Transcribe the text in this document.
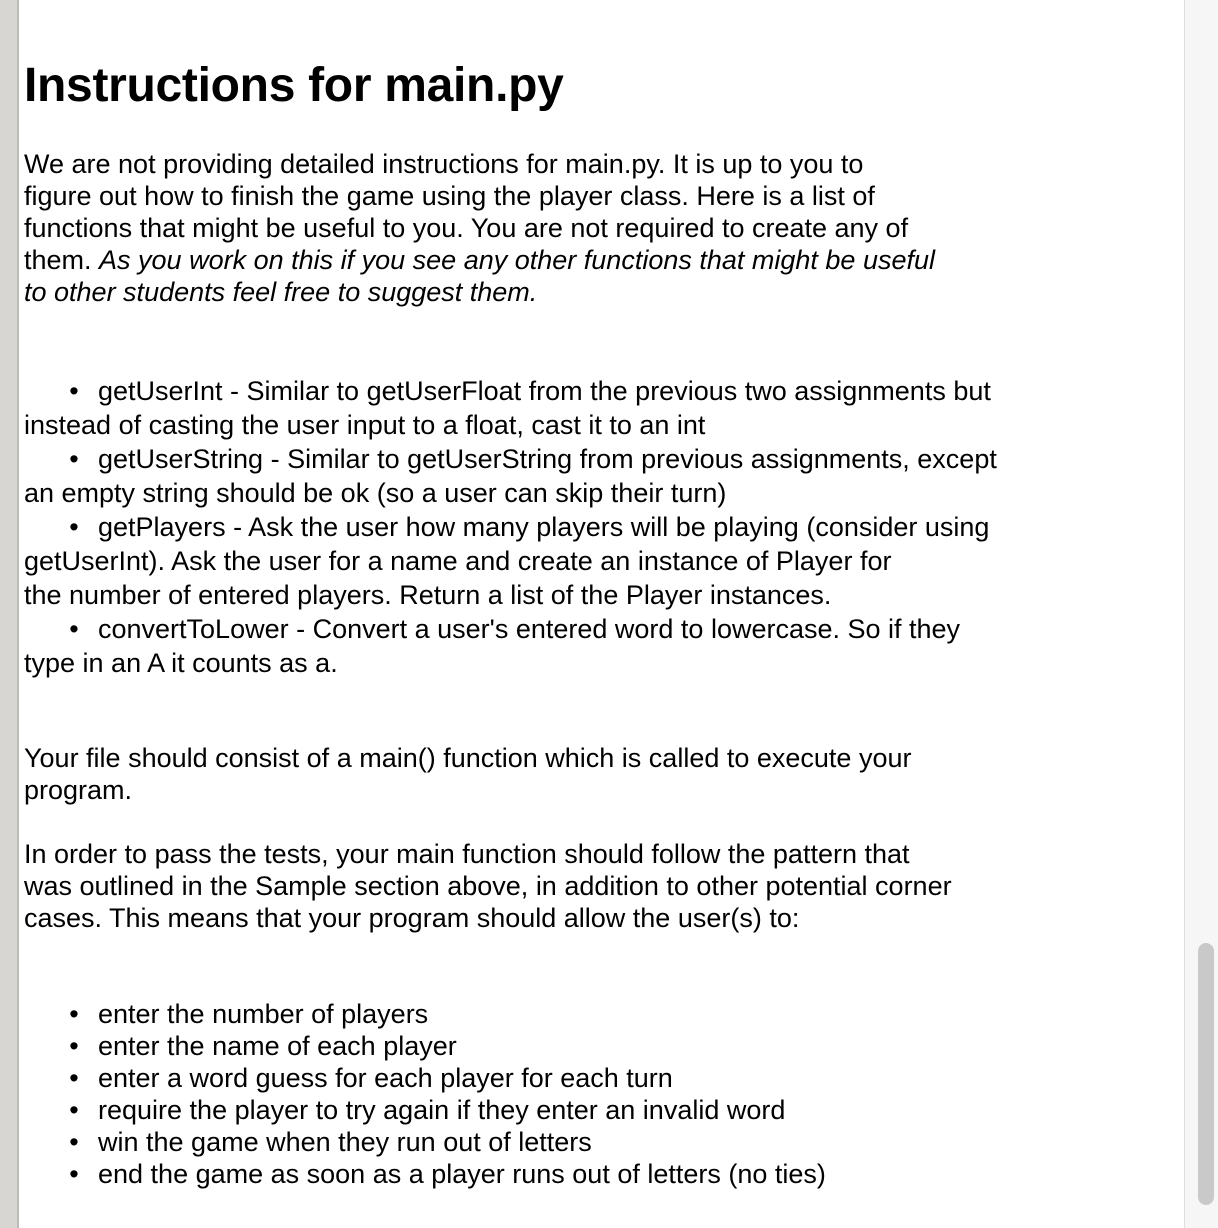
Instructions for main.py

We are not providing detailed instructions for main.py. It is up to you to
figure out how to finish the game using the player class. Here is a list of
functions that might be useful to you. You are not required to create any of
them. As you work on this if you see any other functions that might be useful
to other students feel free to suggest them.

• getUserInt - Similar to getUserFloat from the previous two assignments but
instead of casting the user input to a float, cast it to an int

• getUserString - Similar to getUserString from previous assignments, except
an empty string should be ok (so a user can skip their turn)

• getPlayers - Ask the user how many players will be playing (consider using
getUserInt). Ask the user for a name and create an instance of Player for
the number of entered players. Return a list of the Player instances.

• convertToLower - Convert a user's entered word to lowercase. So if they
type in an A it counts as a.

Your file should consist of a main() function which is called to execute your
program.

In order to pass the tests, your main function should follow the pattern that
was outlined in the Sample section above, in addition to other potential corner
cases. This means that your program should allow the user(s) to:

• enter the number of players
• enter the name of each player
• enter a word guess for each player for each turn
• require the player to try again if they enter an invalid word
• win the game when they run out of letters
• end the game as soon as a player runs out of letters (no ties)
